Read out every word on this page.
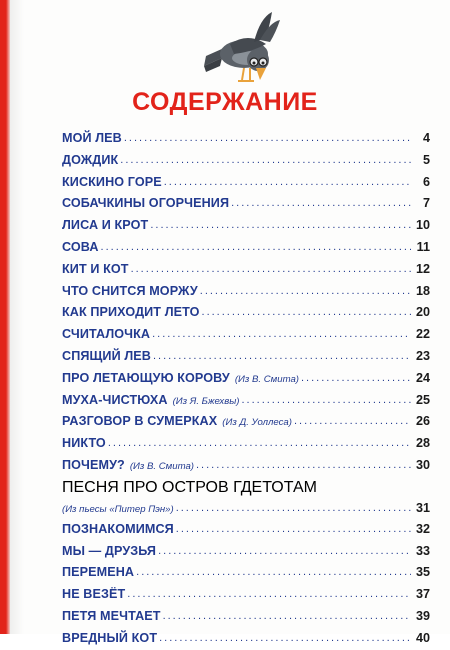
СОДЕРЖАНИЕ
МОЙ ЛЕВ .....	4
ДОЖДИК .....	5
КИСКИНО ГОРЕ .....	6
СОБАЧКИНЫ ОГОРЧЕНИЯ .....	7
ЛИСА И КРОТ .....	10
СОВА .....	11
КИТ И КОТ .....	12
ЧТО СНИТСЯ МОРЖУ .....	18
КАК ПРИХОДИТ ЛЕТО .....	20
СЧИТАЛОЧКА .....	22
СПЯЩИЙ ЛЕВ .....	23
ПРО ЛЕТАЮЩУЮ КОРОВУ (Из В. Смита) .....	24
МУХА-ЧИСТЮХА (Из Я. Бжехвы) .....	25
РАЗГОВОР В СУМЕРКАХ (Из Д. Уоллеса) .....	26
НИКТО .....	28
ПОЧЕМУ? (Из В. Смита) .....	30
ПЕСНЯ ПРО ОСТРОВ ГДЕТОТАМ
(Из пьесы «Питер Пэн») .....	31
ПОЗНАКОМИМСЯ .....	32
МЫ — ДРУЗЬЯ .....	33
ПЕРЕМЕНА .....	35
НЕ ВЕЗЁТ .....	37
ПЕТЯ МЕЧТАЕТ .....	39
ВРЕДНЫЙ КОТ .....	40
